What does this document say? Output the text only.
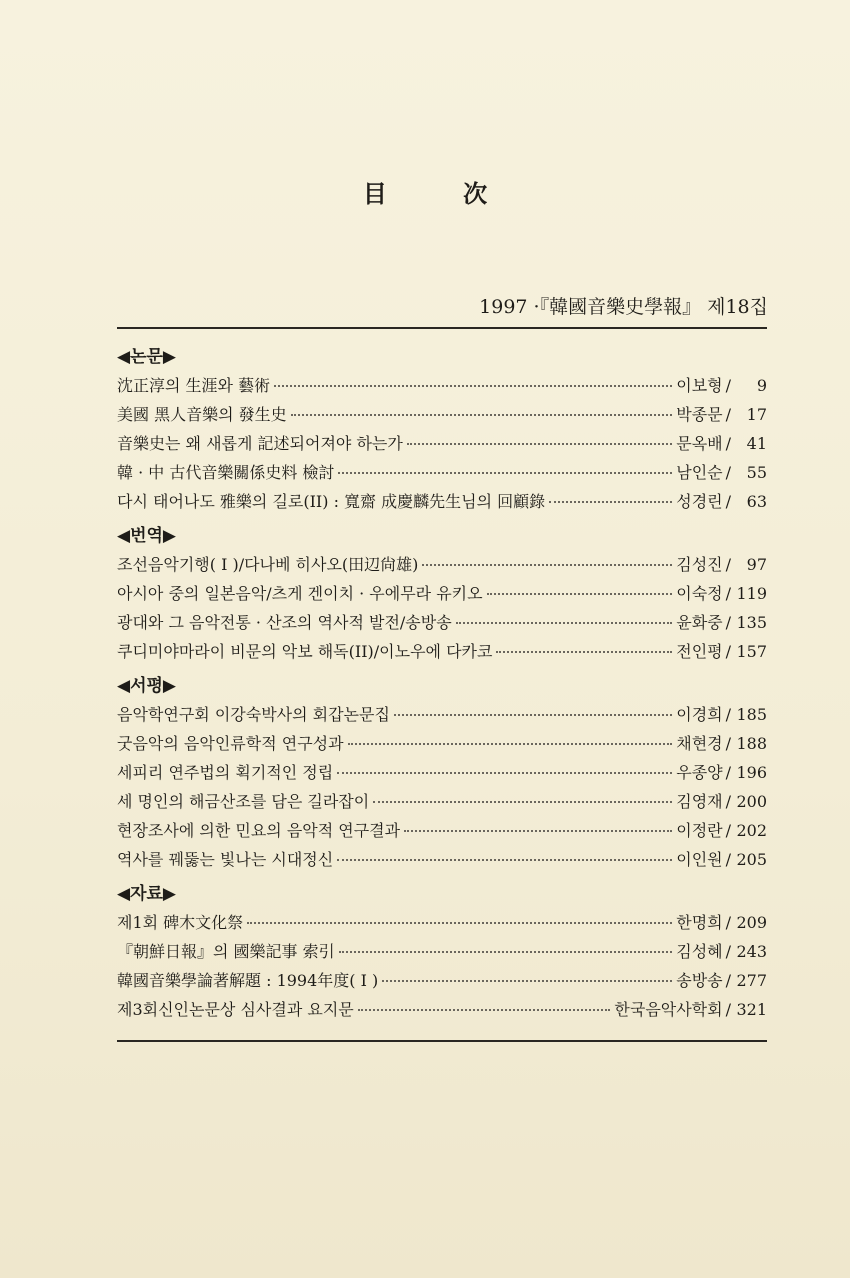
目 次
1997 ·『韓國音樂史學報』 제18집
◀논문▶
沈正淳의 生涯와 藝術	이보형 / 9
美國 黑人音樂의 發生史	박종문 / 17
音樂史는 왜 새롭게 記述되어져야 하는가	문옥배 / 41
韓 · 中 古代音樂關係史料 檢討	남인순 / 55
다시 태어나도 雅樂의 길로(II) : 寬齋 成慶麟先生님의 回顧錄	성경린 / 63
◀번역▶
조선음악기행( I )/다나베 히사오(田辺尙雄)	김성진 / 97
아시아 중의 일본음악/츠게 겐이치 · 우에무라 유키오	이숙정 / 119
광대와 그 음악전통 · 산조의 역사적 발전/송방송	윤화중 / 135
쿠디미야마라이 비문의 악보 해독(II)/이노우에 다카코	전인평 / 157
◀서평▶
음악학연구회 이강숙박사의 회갑논문집	이경희 / 185
굿음악의 음악인류학적 연구성과	채현경 / 188
세피리 연주법의 획기적인 정립	우종양 / 196
세 명인의 해금산조를 담은 길라잡이	김영재 / 200
현장조사에 의한 민요의 음악적 연구결과	이정란 / 202
역사를 꿰뚫는 빛나는 시대정신	이인원 / 205
◀자료▶
제1회 碑木文化祭	한명희 / 209
『朝鮮日報』의 國樂記事 索引	김성혜 / 243
韓國音樂學論著解題 : 1994年度( I )	송방송 / 277
제3회신인논문상 심사결과 요지문	한국음악사학회 / 321
